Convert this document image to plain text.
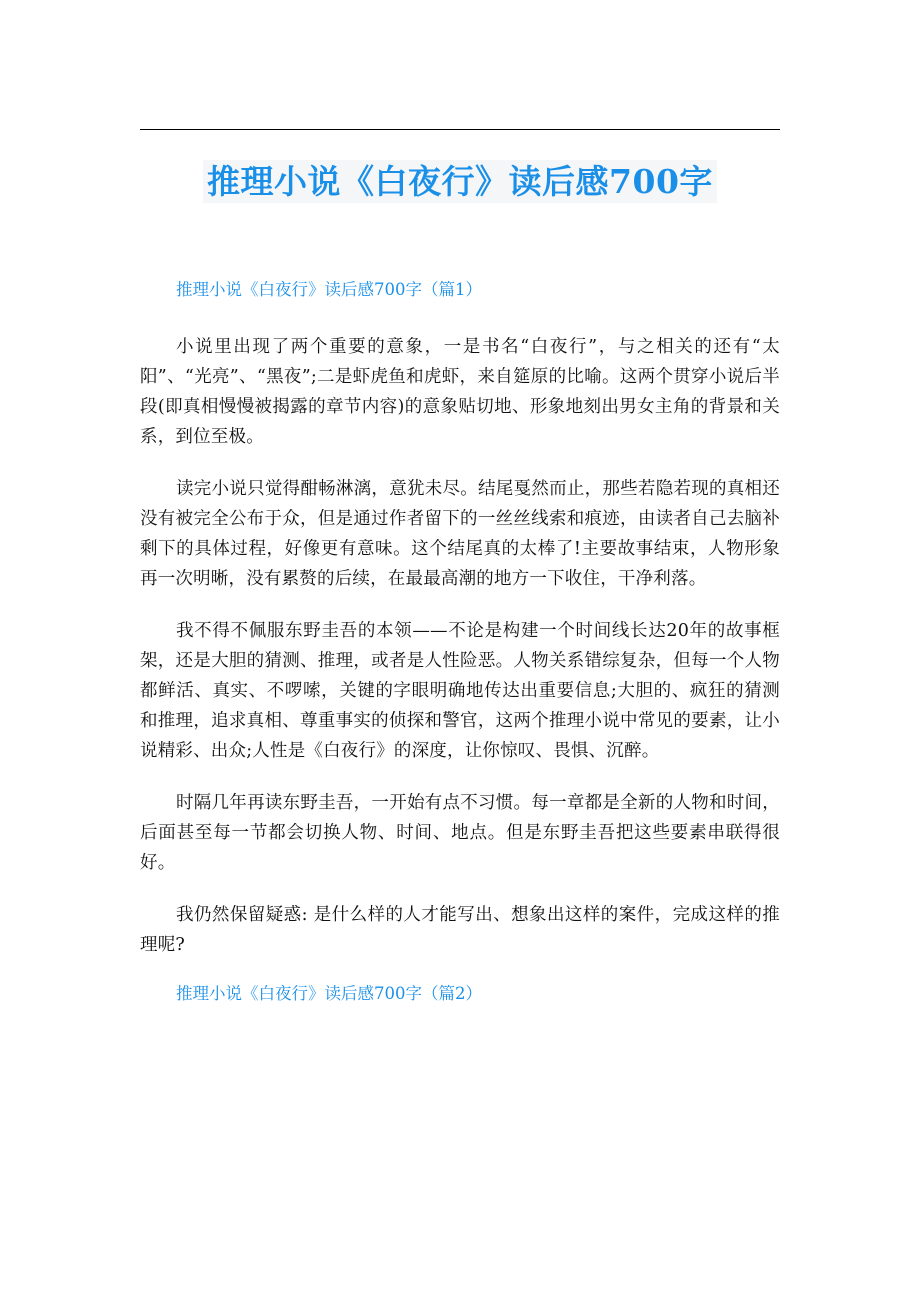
推理小说《白夜行》读后感700字
推理小说《白夜行》读后感700字（篇1）

小说里出现了两个重要的意象，一是书名“白夜行”，与之相关的还有“太阳”、“光亮”、“黑夜”;二是虾虎鱼和虎虾，来自筵原的比喻。这两个贯穿小说后半段(即真相慢慢被揭露的章节内容)的意象贴切地、形象地刻出男女主角的背景和关系，到位至极。

读完小说只觉得酣畅淋漓，意犹未尽。结尾戛然而止，那些若隐若现的真相还没有被完全公布于众，但是通过作者留下的一丝丝线索和痕迹，由读者自己去脑补剩下的具体过程，好像更有意味。这个结尾真的太棒了!主要故事结束，人物形象再一次明晰，没有累赘的后续，在最最高潮的地方一下收住，干净利落。

我不得不佩服东野圭吾的本领——不论是构建一个时间线长达20年的故事框架，还是大胆的猜测、推理，或者是人性险恶。人物关系错综复杂，但每一个人物都鲜活、真实、不啰嗦，关键的字眼明确地传达出重要信息;大胆的、疯狂的猜测和推理，追求真相、尊重事实的侦探和警官，这两个推理小说中常见的要素，让小说精彩、出众;人性是《白夜行》的深度，让你惊叹、畏惧、沉醉。

时隔几年再读东野圭吾，一开始有点不习惯。每一章都是全新的人物和时间，后面甚至每一节都会切换人物、时间、地点。但是东野圭吾把这些要素串联得很好。

我仍然保留疑惑: 是什么样的人才能写出、想象出这样的案件，完成这样的推理呢?

推理小说《白夜行》读后感700字（篇2）
